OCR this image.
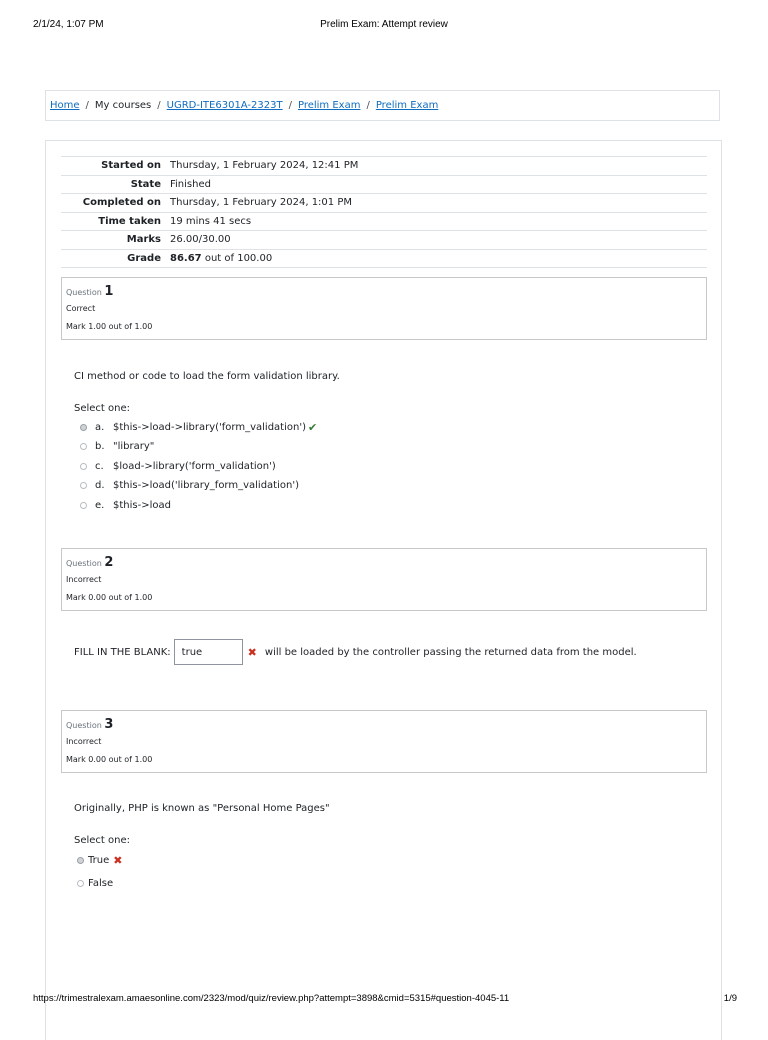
2/1/24, 1:07 PM	Prelim Exam: Attempt review
Home / My courses / UGRD-ITE6301A-2323T / Prelim Exam / Prelim Exam
Started on	Thursday, 1 February 2024, 12:41 PM
State	Finished
Completed on	Thursday, 1 February 2024, 1:01 PM
Time taken	19 mins 41 secs
Marks	26.00/30.00
Grade	86.67 out of 100.00
Question 1
Correct
Mark 1.00 out of 1.00
CI method or code to load the form validation library.
Select one:
a. $this->load->library('form_validation') ✔
b. "library"
c. $load->library('form_validation')
d. $this->load('library_form_validation')
e. $this->load
Question 2
Incorrect
Mark 0.00 out of 1.00
FILL IN THE BLANK:	true	✖ will be loaded by the controller passing the returned data from the model.
Question 3
Incorrect
Mark 0.00 out of 1.00
Originally, PHP is known as "Personal Home Pages"
Select one:
True ✖
False
https://trimestralexam.amaesonline.com/2323/mod/quiz/review.php?attempt=3898&cmid=5315#question-4045-11	1/9
